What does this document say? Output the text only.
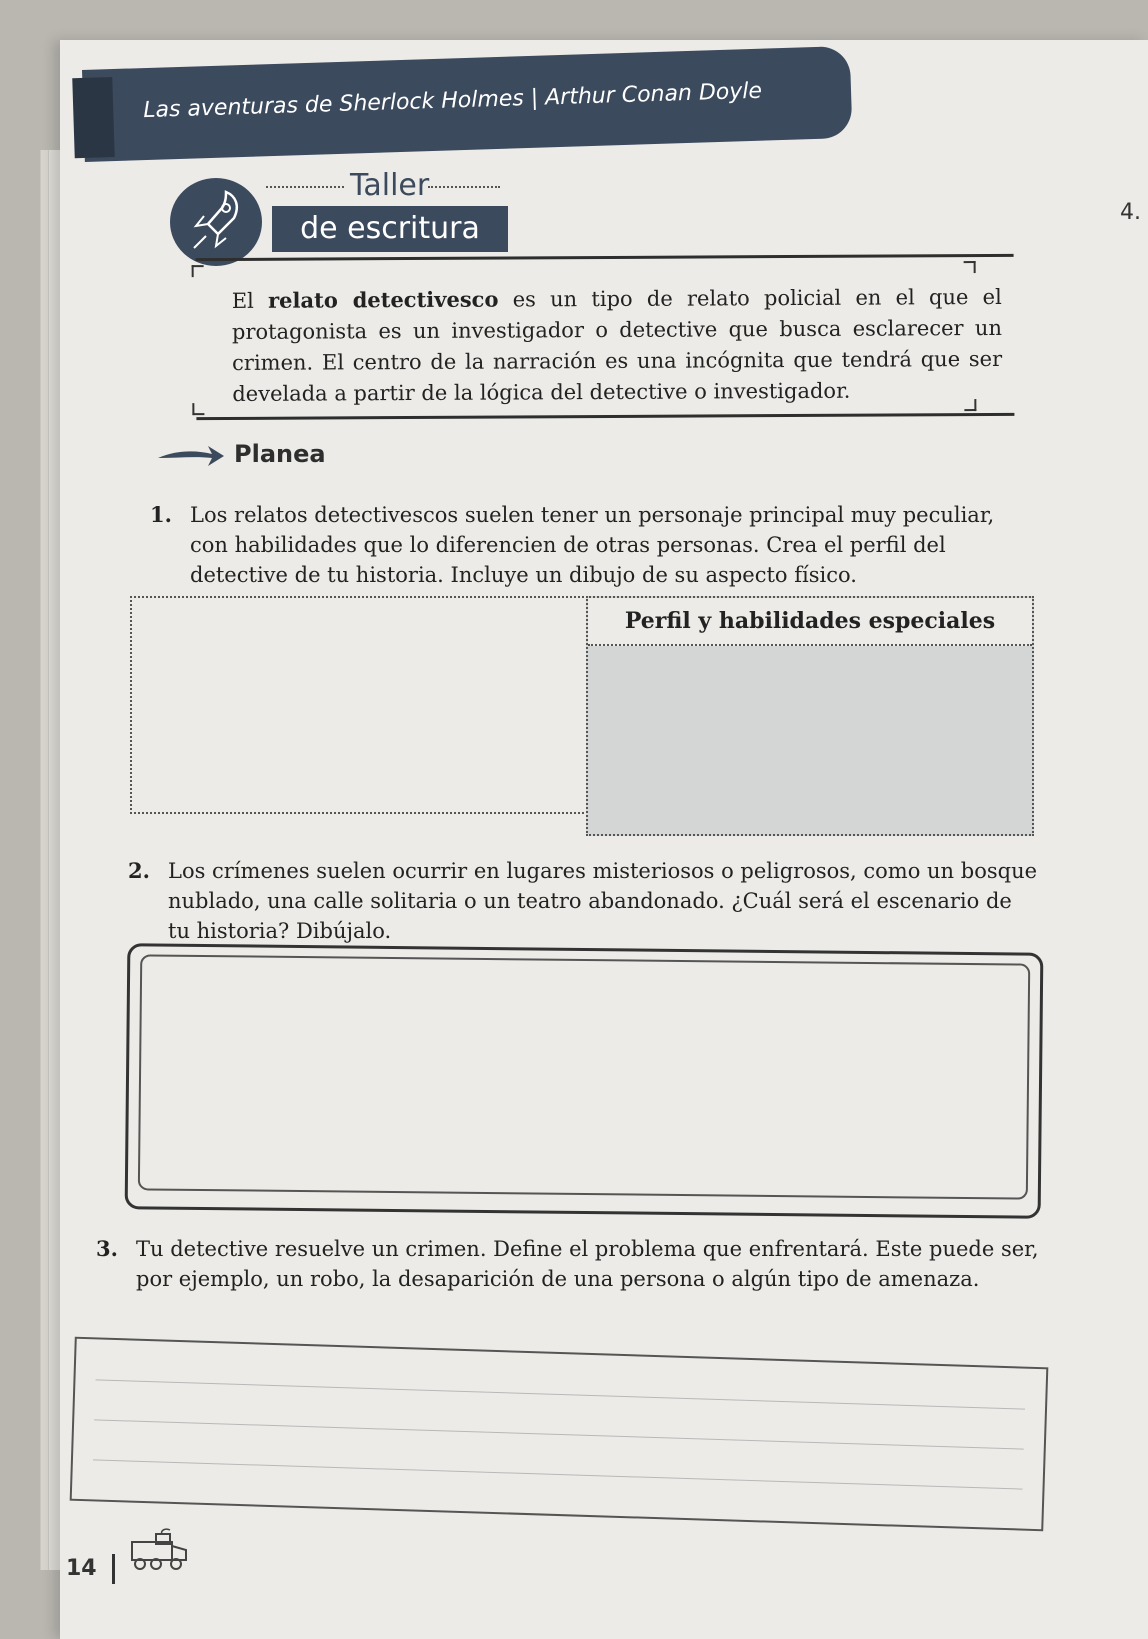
Las aventuras de Sherlock Holmes | Arthur Conan Doyle
4.
Taller
de escritura

El relato detectivesco es un tipo de relato policial en el que el protagonista es un investigador o detective que busca esclarecer un crimen. El centro de la narración es una incógnita que tendrá que ser develada a partir de la lógica del detective o investigador.

Planea
1. Los relatos detectivescos suelen tener un personaje principal muy peculiar, con habilidades que lo diferencien de otras personas. Crea el perfil del detective de tu historia. Incluye un dibujo de su aspecto físico.
Perfil y habilidades especiales
2. Los crímenes suelen ocurrir en lugares misteriosos o peligrosos, como un bosque nublado, una calle solitaria o un teatro abandonado. ¿Cuál será el escenario de tu historia? Dibújalo.
3. Tu detective resuelve un crimen. Define el problema que enfrentará. Este puede ser, por ejemplo, un robo, la desaparición de una persona o algún tipo de amenaza.
14
